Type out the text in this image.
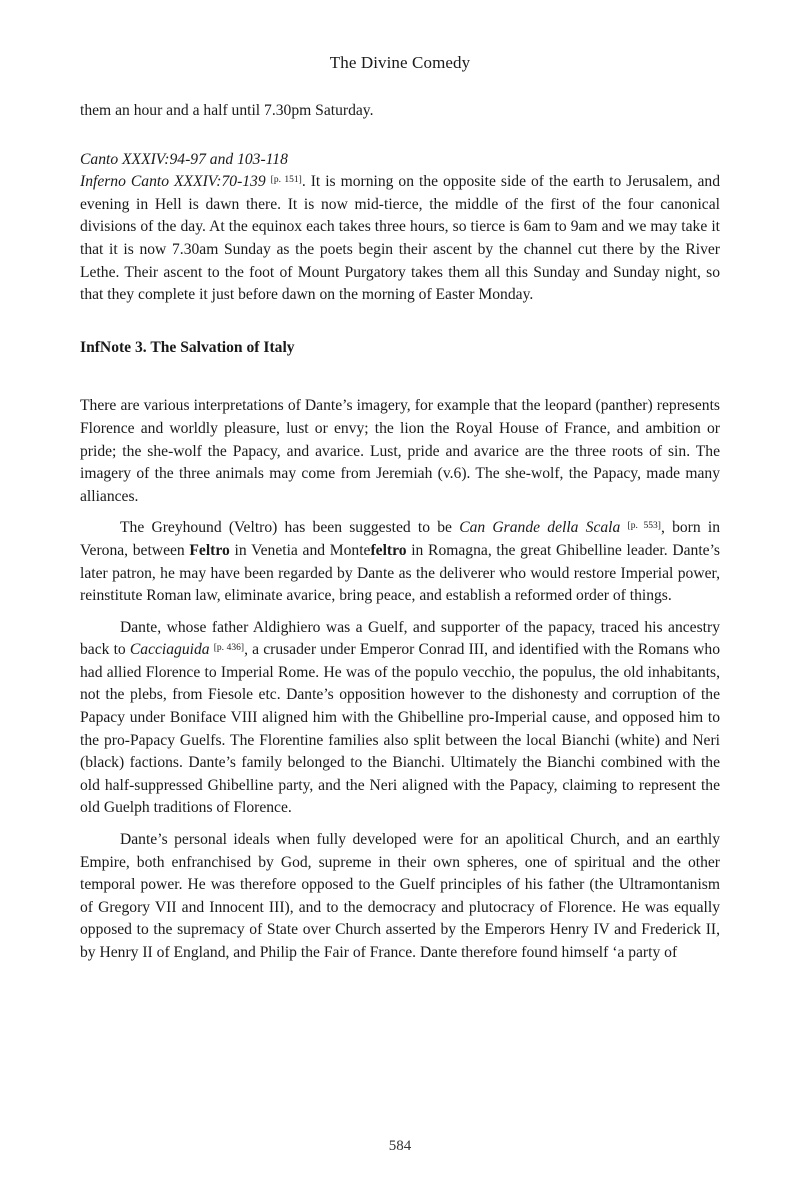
The Divine Comedy

them an hour and a half until 7.30pm Saturday.

Canto XXXIV:94-97 and 103-118

Inferno Canto XXXIV:70-139 [p. 151]. It is morning on the opposite side of the earth to Jerusalem, and evening in Hell is dawn there. It is now mid-tierce, the middle of the first of the four canonical divisions of the day. At the equinox each takes three hours, so tierce is 6am to 9am and we may take it that it is now 7.30am Sunday as the poets begin their ascent by the channel cut there by the River Lethe. Their ascent to the foot of Mount Purgatory takes them all this Sunday and Sunday night, so that they complete it just before dawn on the morning of Easter Monday.

InfNote 3. The Salvation of Italy

There are various interpretations of Dante’s imagery, for example that the leopard (panther) represents Florence and worldly pleasure, lust or envy; the lion the Royal House of France, and ambition or pride; the she-wolf the Papacy, and avarice. Lust, pride and avarice are the three roots of sin. The imagery of the three animals may come from Jeremiah (v.6). The she-wolf, the Papacy, made many alliances.

The Greyhound (Veltro) has been suggested to be Can Grande della Scala [p. 553], born in Verona, between Feltro in Venetia and Montefeltro in Romagna, the great Ghibelline leader. Dante’s later patron, he may have been regarded by Dante as the deliverer who would restore Imperial power, reinstitute Roman law, eliminate avarice, bring peace, and establish a reformed order of things.

Dante, whose father Aldighiero was a Guelf, and supporter of the papacy, traced his ancestry back to Cacciaguida [p. 436], a crusader under Emperor Conrad III, and identified with the Romans who had allied Florence to Imperial Rome. He was of the populo vecchio, the populus, the old inhabitants, not the plebs, from Fiesole etc. Dante’s opposition however to the dishonesty and corruption of the Papacy under Boniface VIII aligned him with the Ghibelline pro-Imperial cause, and opposed him to the pro-Papacy Guelfs. The Florentine families also split between the local Bianchi (white) and Neri (black) factions. Dante’s family belonged to the Bianchi. Ultimately the Bianchi combined with the old half-suppressed Ghibelline party, and the Neri aligned with the Papacy, claiming to represent the old Guelph traditions of Florence.

Dante’s personal ideals when fully developed were for an apolitical Church, and an earthly Empire, both enfranchised by God, supreme in their own spheres, one of spiritual and the other temporal power. He was therefore opposed to the Guelf principles of his father (the Ultramontanism of Gregory VII and Innocent III), and to the democracy and plutocracy of Florence. He was equally opposed to the supremacy of State over Church asserted by the Emperors Henry IV and Frederick II, by Henry II of England, and Philip the Fair of France. Dante therefore found himself ‘a party of

584
